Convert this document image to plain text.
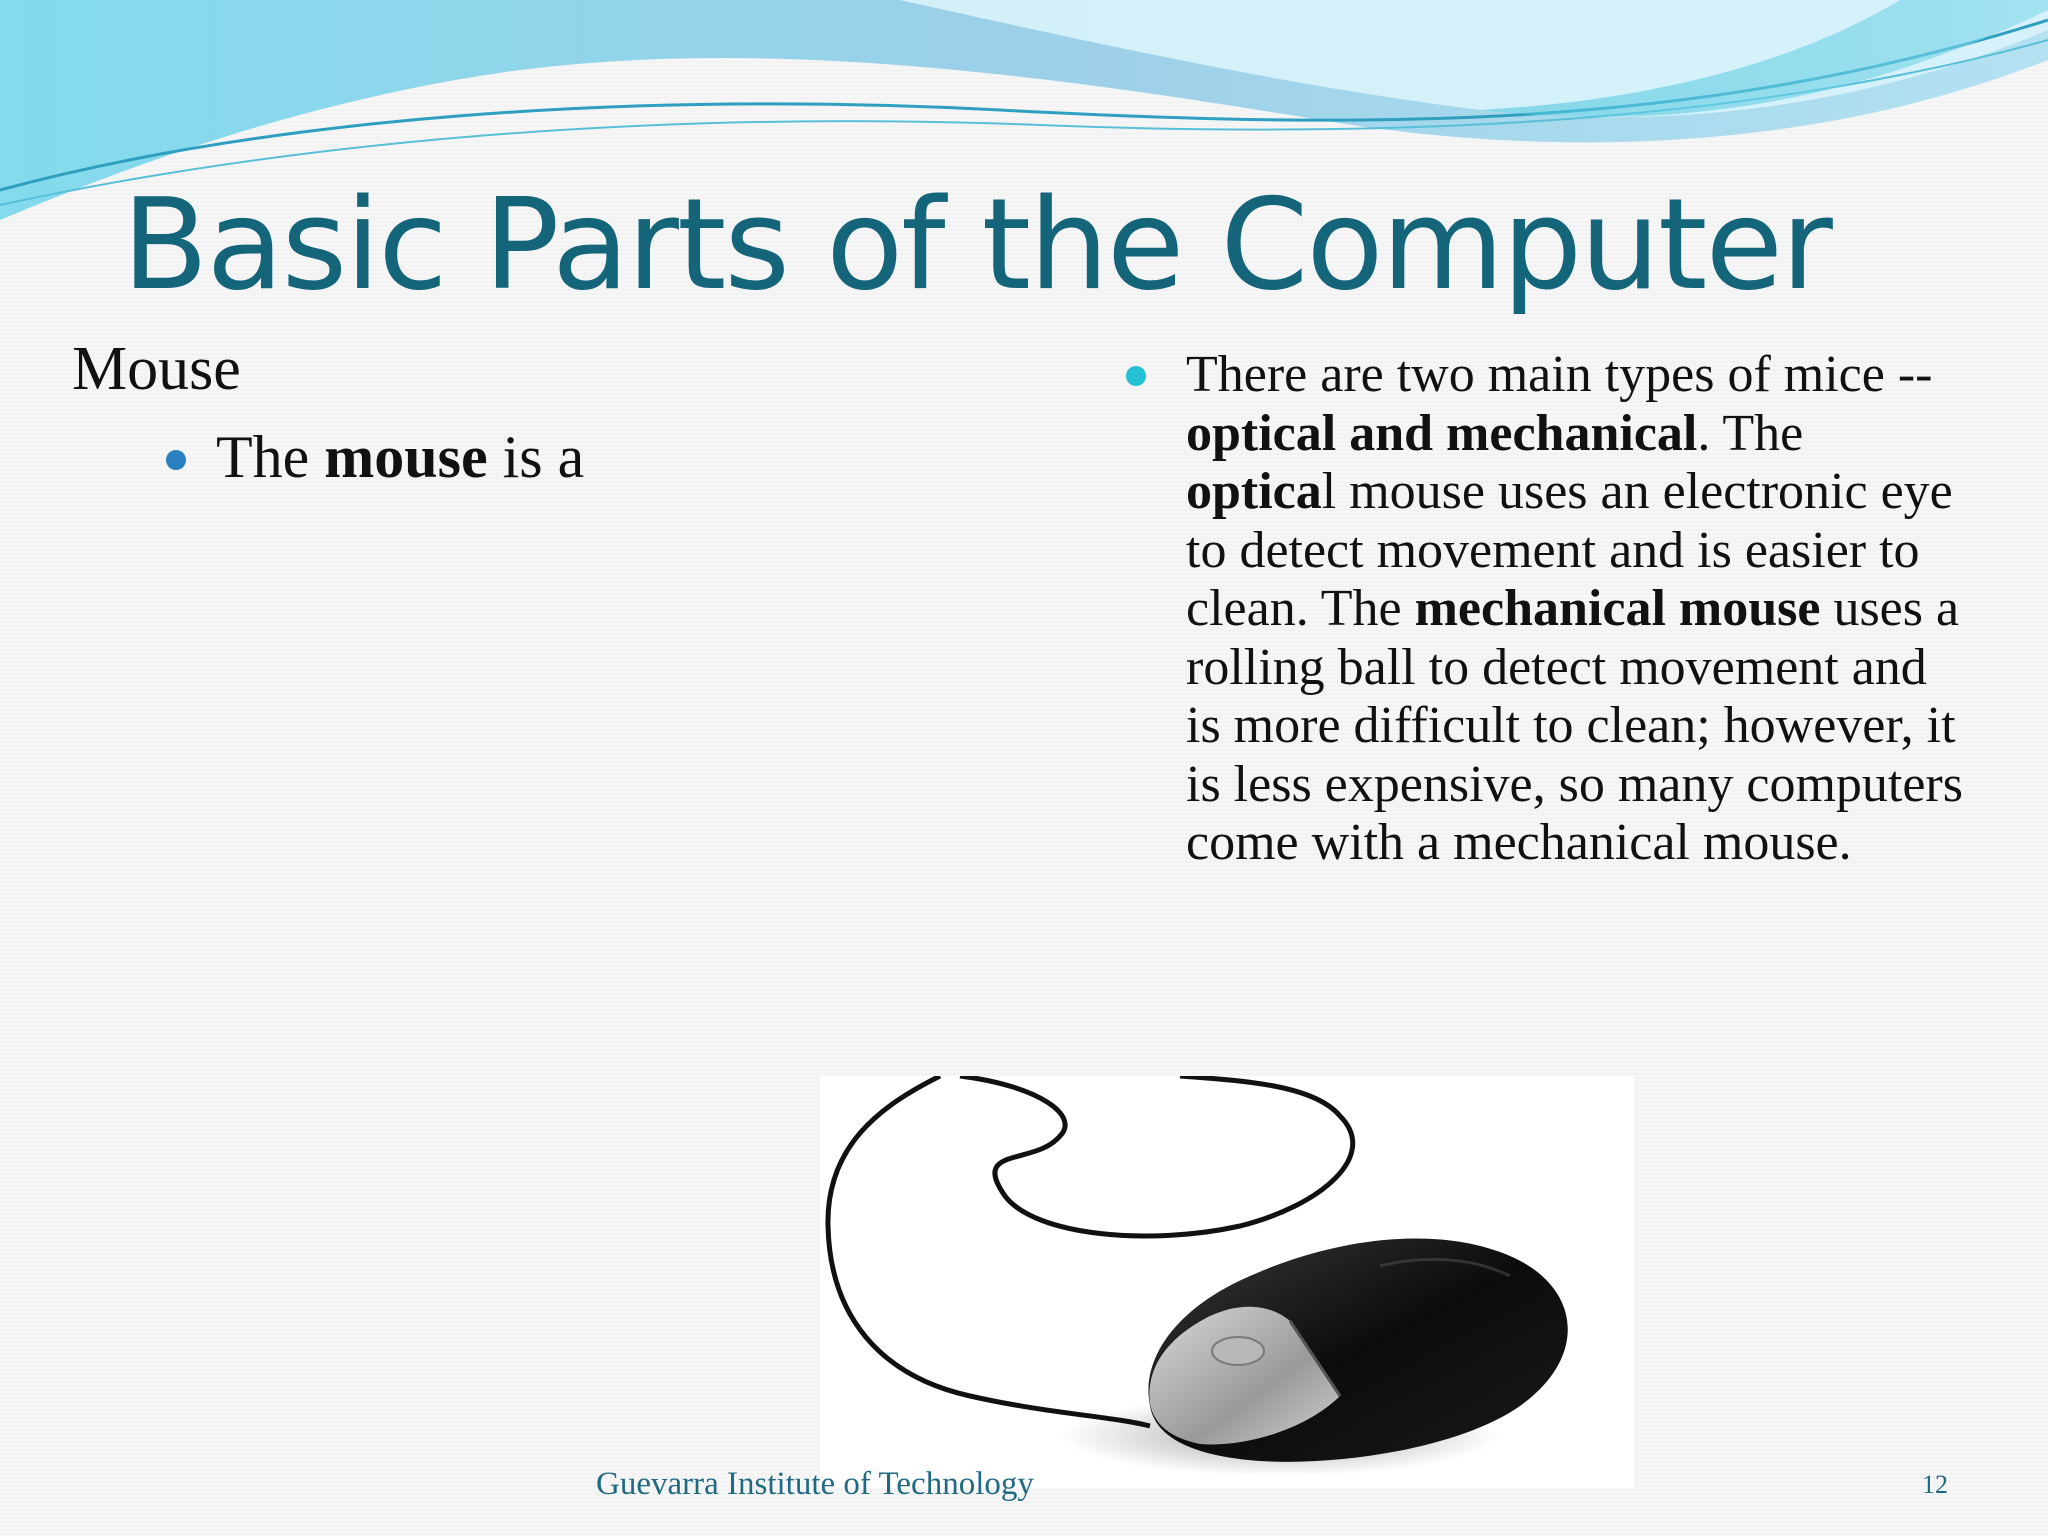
Basic Parts of the Computer
Mouse
The mouse is a
There are two main types of mice -- optical and mechanical. The optical mouse uses an electronic eye to detect movement and is easier to clean. The mechanical mouse uses a rolling ball to detect movement and is more difficult to clean; however, it is less expensive, so many computers come with a mechanical mouse.
Guevarra Institute of Technology	12
